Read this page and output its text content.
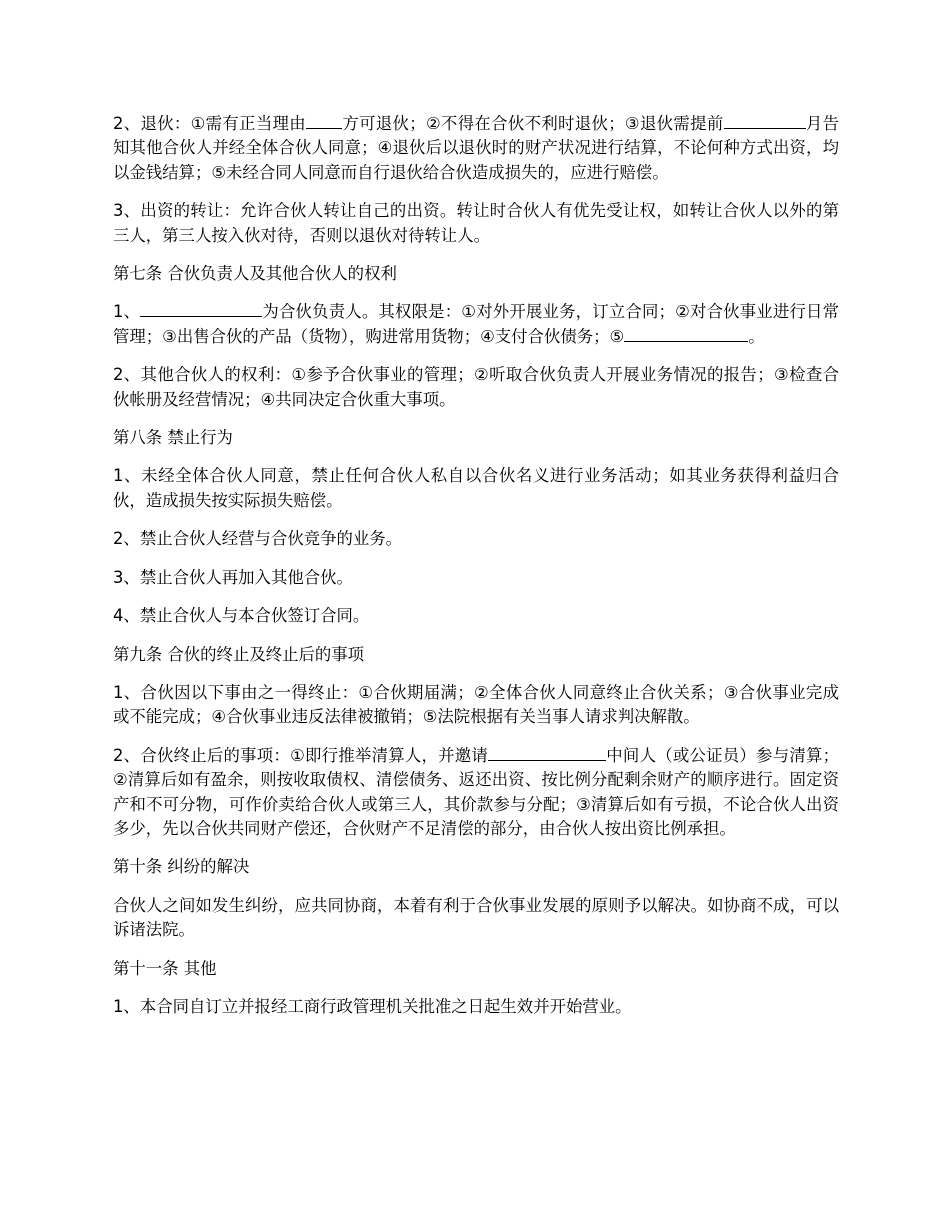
2、退伙：①需有正当理由 方可退伙；②不得在合伙不利时退伙；③退伙需提前	月告知其他合伙人并经全体合伙人同意；④退伙后以退伙时的财产状况进行结算，不论何种方式出资，均以金钱结算；⑤未经合同人同意而自行退伙给合伙造成损失的，应进行赔偿。

3、出资的转让：允许合伙人转让自己的出资。转让时合伙人有优先受让权，如转让合伙人以外的第三人，第三人按入伙对待，否则以退伙对待转让人。

第七条 合伙负责人及其他合伙人的权利

1、	为合伙负责人。其权限是：①对外开展业务，订立合同；②对合伙事业进行日常管理；③出售合伙的产品（货物），购进常用货物；④支付合伙债务；⑤	。

2、其他合伙人的权利：①参予合伙事业的管理；②听取合伙负责人开展业务情况的报告；③检查合伙帐册及经营情况；④共同决定合伙重大事项。

第八条 禁止行为

1、未经全体合伙人同意，禁止任何合伙人私自以合伙名义进行业务活动；如其业务获得利益归合伙，造成损失按实际损失赔偿。

2、禁止合伙人经营与合伙竞争的业务。

3、禁止合伙人再加入其他合伙。

4、禁止合伙人与本合伙签订合同。

第九条 合伙的终止及终止后的事项

1、合伙因以下事由之一得终止：①合伙期届满；②全体合伙人同意终止合伙关系；③合伙事业完成或不能完成；④合伙事业违反法律被撤销；⑤法院根据有关当事人请求判决解散。

2、合伙终止后的事项：①即行推举清算人，并邀请	中间人（或公证员）参与清算；②清算后如有盈余，则按收取债权、清偿债务、返还出资、按比例分配剩余财产的顺序进行。固定资产和不可分物，可作价卖给合伙人或第三人，其价款参与分配；③清算后如有亏损，不论合伙人出资多少，先以合伙共同财产偿还，合伙财产不足清偿的部分，由合伙人按出资比例承担。

第十条 纠纷的解决

合伙人之间如发生纠纷，应共同协商，本着有利于合伙事业发展的原则予以解决。如协商不成，可以诉诸法院。

第十一条 其他

1、本合同自订立并报经工商行政管理机关批准之日起生效并开始营业。
